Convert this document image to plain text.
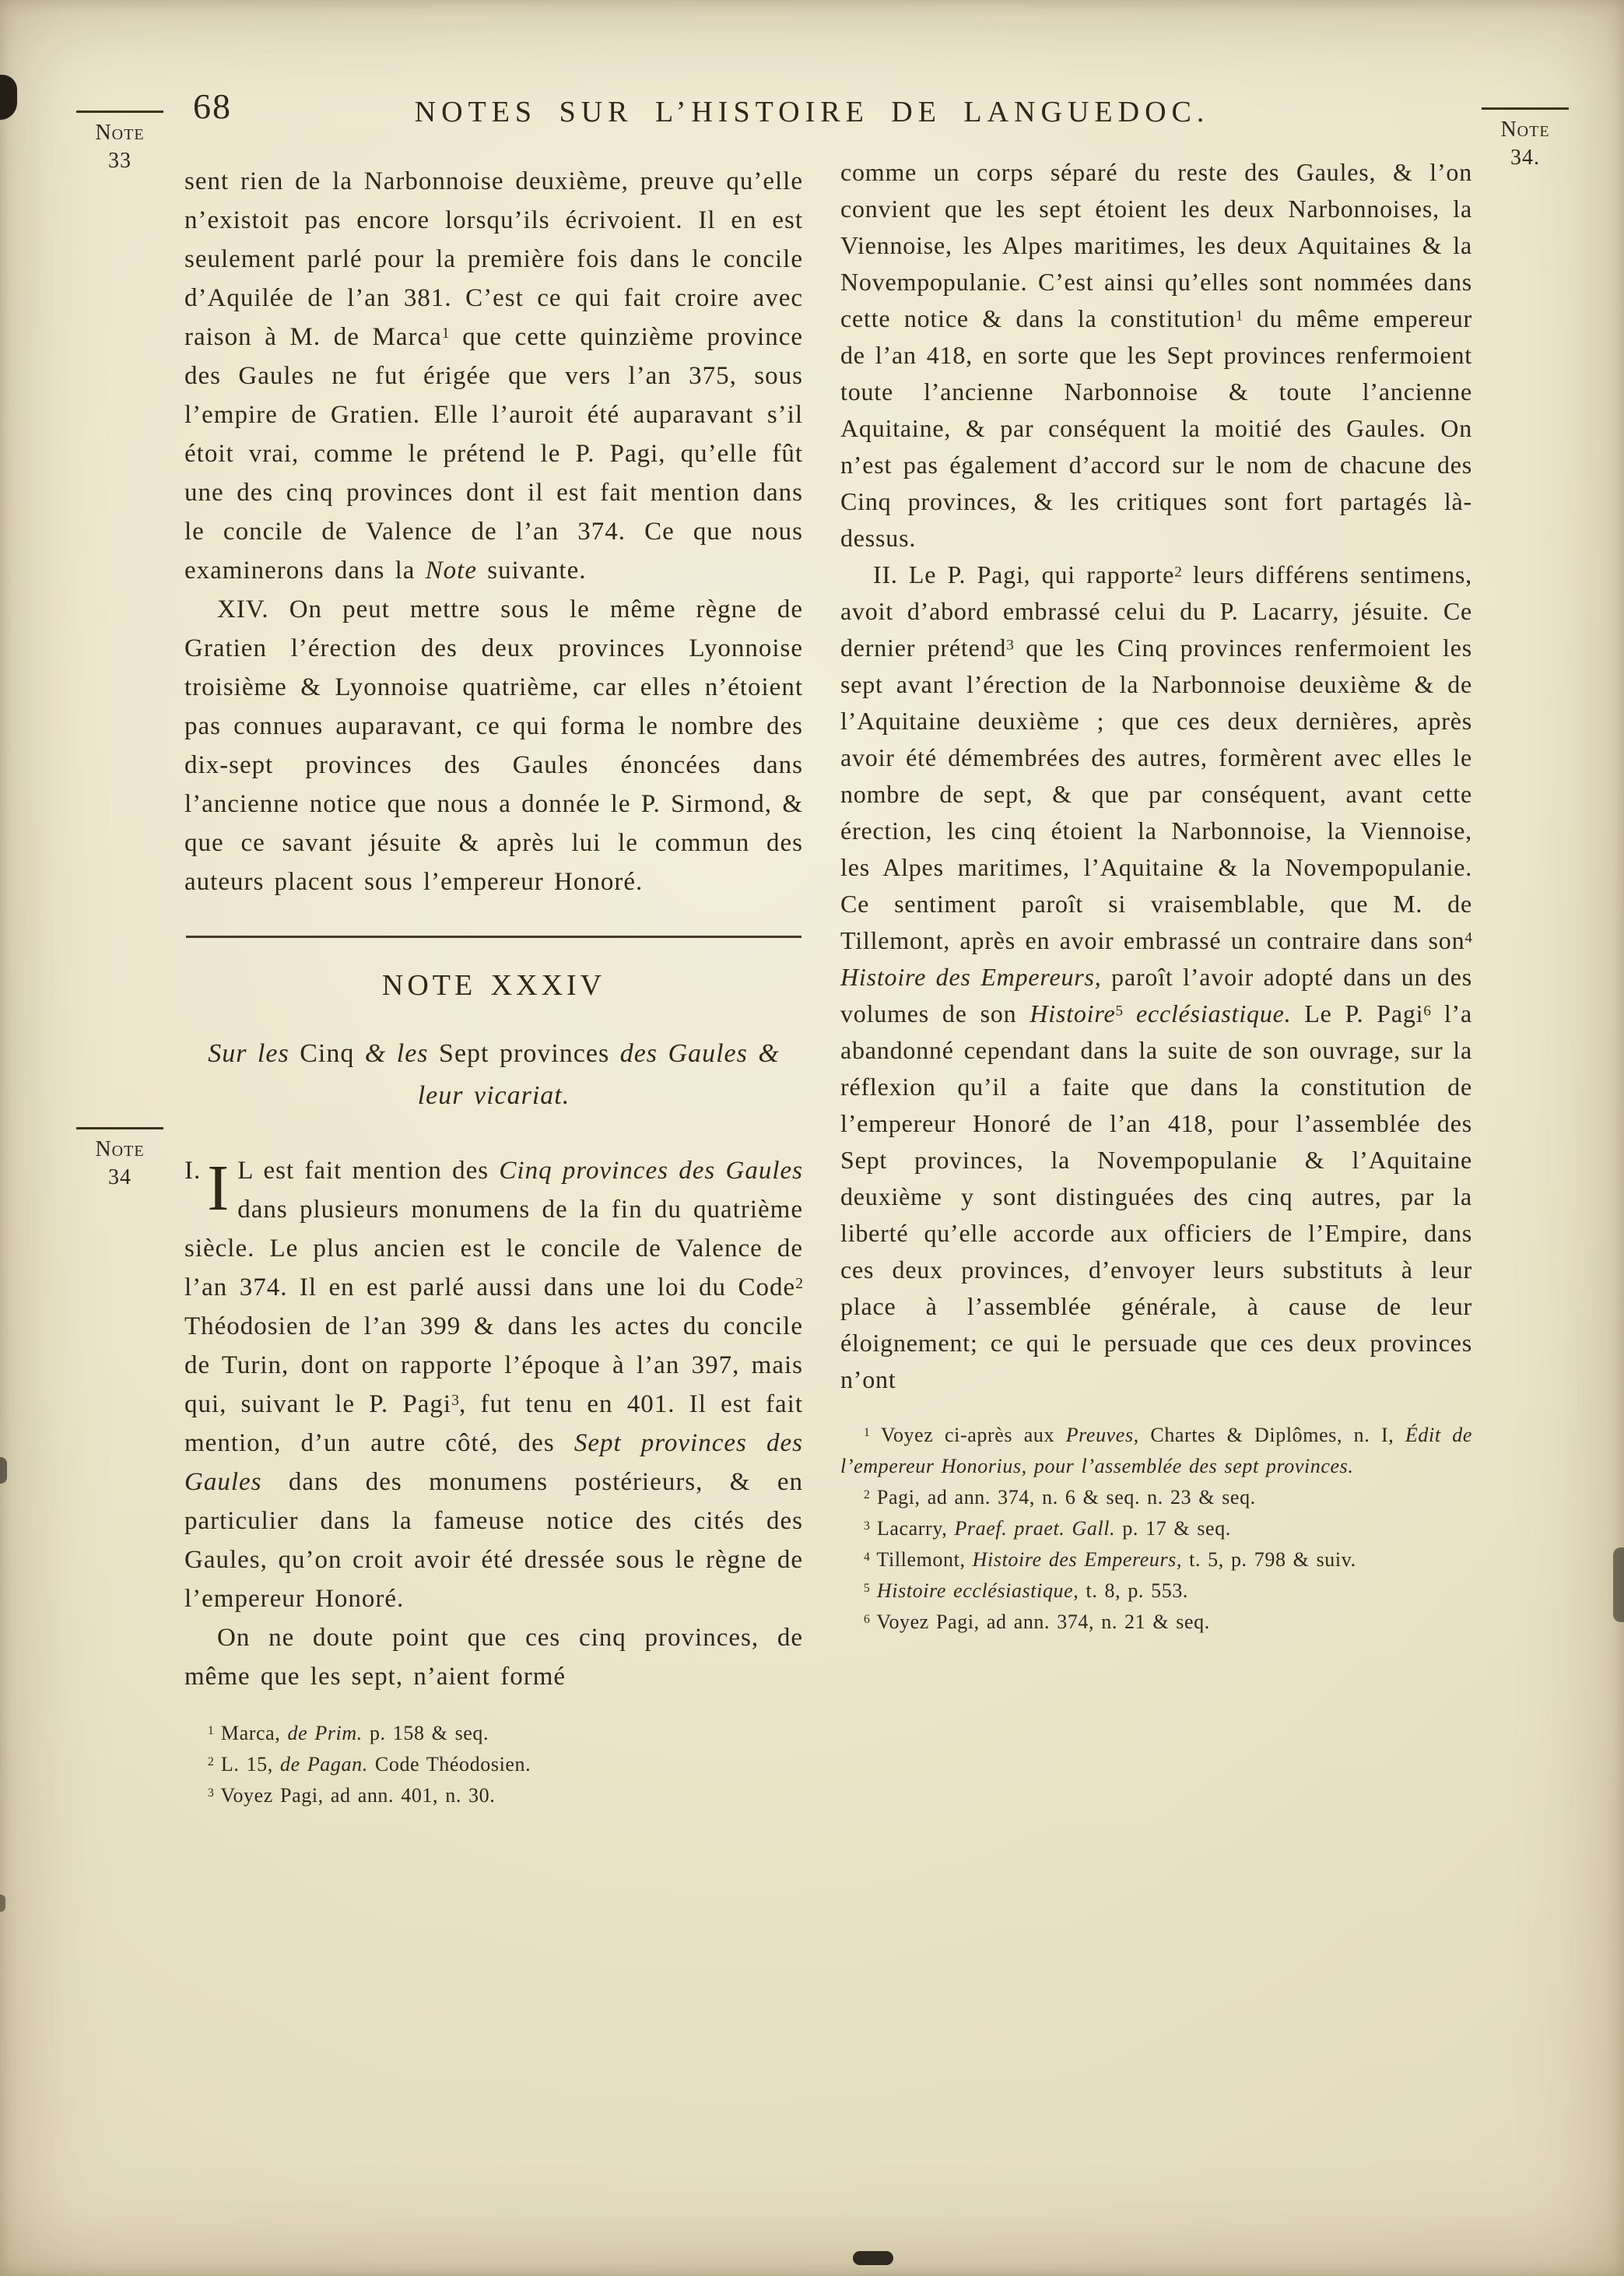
68	NOTES SUR L’HISTOIRE DE LANGUEDOC.
Note
33
Note
34.
Note
34

sent rien de la Narbonnoise deuxième, preuve qu’elle n’existoit pas encore lorsqu’ils écrivoient. Il en est seulement parlé pour la première fois dans le concile d’Aquilée de l’an 381. C’est ce qui fait croire avec raison à M. de Marca$^1$ que cette quinzième province des Gaules ne fut érigée que vers l’an 375, sous l’empire de Gratien. Elle l’auroit été auparavant s’il étoit vrai, comme le prétend le P. Pagi, qu’elle fût une des cinq provinces dont il est fait mention dans le concile de Valence de l’an 374. Ce que nous examinerons dans la Note suivante.

XIV. On peut mettre sous le même règne de Gratien l’érection des deux provinces Lyonnoise troisième & Lyonnoise quatrième, car elles n’étoient pas connues auparavant, ce qui forma le nombre des dix-sept provinces des Gaules énoncées dans l’ancienne notice que nous a donnée le P. Sirmond, & que ce savant jésuite & après lui le commun des auteurs placent sous l’empereur Honoré.

NOTE XXXIV

Sur les Cinq & les Sept provinces des Gaules & leur vicariat.

I. I L est fait mention des Cinq provinces des Gaules dans plusieurs monumens de la fin du quatrième siècle. Le plus ancien est le concile de Valence de l’an 374. Il en est parlé aussi dans une loi du Code$^2$ Théodosien de l’an 399 & dans les actes du concile de Turin, dont on rapporte l’époque à l’an 397, mais qui, suivant le P. Pagi$^3$, fut tenu en 401. Il est fait mention, d’un autre côté, des Sept provinces des Gaules dans des monumens postérieurs, & en particulier dans la fameuse notice des cités des Gaules, qu’on croit avoir été dressée sous le règne de l’empereur Honoré.

On ne doute point que ces cinq provinces, de même que les sept, n’aient formé

$^1$ Marca, de Prim. p. 158 & seq.

$^2$ L. 15, de Pagan. Code Théodosien.

$^3$ Voyez Pagi, ad ann. 401, n. 30.

comme un corps séparé du reste des Gaules, & l’on convient que les sept étoient les deux Narbonnoises, la Viennoise, les Alpes maritimes, les deux Aquitaines & la Novempopulanie. C’est ainsi qu’elles sont nommées dans cette notice & dans la constitution$^1$ du même empereur de l’an 418, en sorte que les Sept provinces renfermoient toute l’ancienne Narbonnoise & toute l’ancienne Aquitaine, & par conséquent la moitié des Gaules. On n’est pas également d’accord sur le nom de chacune des Cinq provinces, & les critiques sont fort partagés là-dessus.

II. Le P. Pagi, qui rapporte$^2$ leurs différens sentimens, avoit d’abord embrassé celui du P. Lacarry, jésuite. Ce dernier prétend$^3$ que les Cinq provinces renfermoient les sept avant l’érection de la Narbonnoise deuxième & de l’Aquitaine deuxième ; que ces deux dernières, après avoir été démembrées des autres, formèrent avec elles le nombre de sept, & que par conséquent, avant cette érection, les cinq étoient la Narbonnoise, la Viennoise, les Alpes maritimes, l’Aquitaine & la Novempopulanie. Ce sentiment paroît si vraisemblable, que M. de Tillemont, après en avoir embrassé un contraire dans son$^4$ Histoire des Empereurs, paroît l’avoir adopté dans un des volumes de son Histoire$^5$ ecclésiastique. Le P. Pagi$^6$ l’a abandonné cependant dans la suite de son ouvrage, sur la réflexion qu’il a faite que dans la constitution de l’empereur Honoré de l’an 418, pour l’assemblée des Sept provinces, la Novempopulanie & l’Aquitaine deuxième y sont distinguées des cinq autres, par la liberté qu’elle accorde aux officiers de l’Empire, dans ces deux provinces, d’envoyer leurs substituts à leur place à l’assemblée générale, à cause de leur éloignement; ce qui le persuade que ces deux provinces n’ont

$^1$ Voyez ci-après aux Preuves, Chartes & Diplômes, n. I, Édit de l’empereur Honorius, pour l’assemblée des sept provinces.

$^2$ Pagi, ad ann. 374, n. 6 & seq. n. 23 & seq.

$^3$ Lacarry, Praef. praet. Gall. p. 17 & seq.

$^4$ Tillemont, Histoire des Empereurs, t. 5, p. 798 & suiv.

$^5$ Histoire ecclésiastique, t. 8, p. 553.

$^6$ Voyez Pagi, ad ann. 374, n. 21 & seq.
